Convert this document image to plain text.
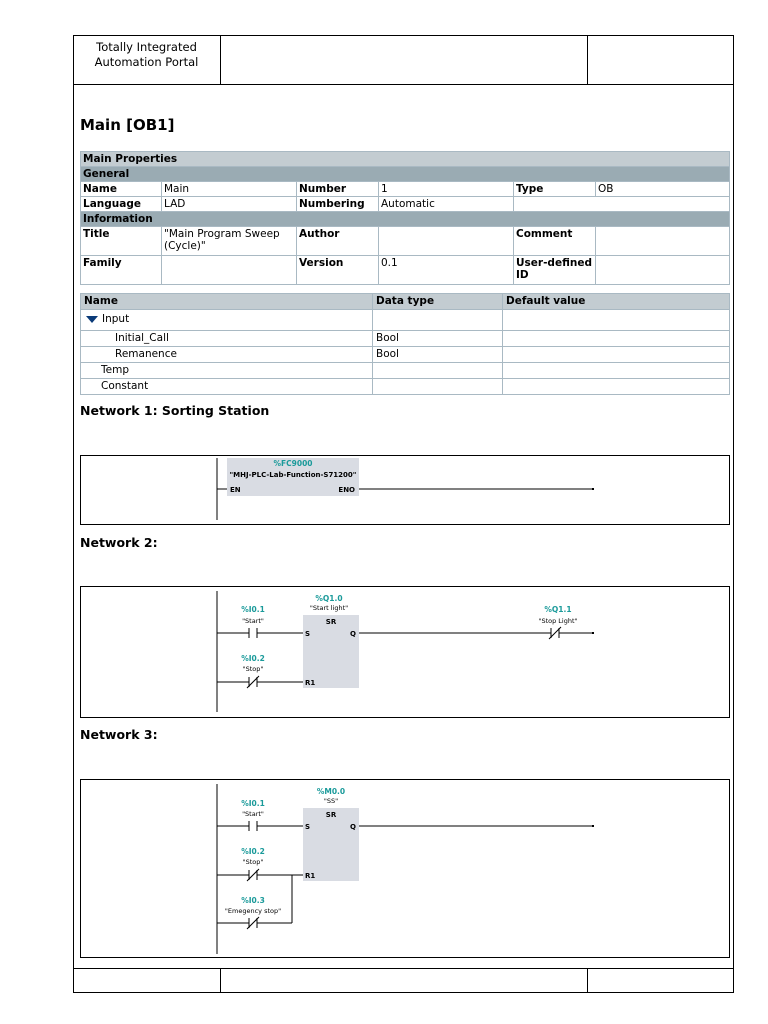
Totally Integrated
Automation Portal
Main [OB1]
Main Properties					
General					
Name	Main	Number	1	Type	OB
Language	LAD	Numbering	Automatic		
Information					
Title	"Main Program Sweep (Cycle)"	Author		Comment	
Family		Version	0.1	User-defined ID	
Name	Data type	Default value
Input		
Initial_Call	Bool	
Remanence	Bool	
Temp		
Constant		
Network 1: Sorting Station
%FC9000
"MHJ-PLC-Lab-Function-S71200"
EN	ENO
Network 2:
%Q1.0
"Start light"
SR
S	Q
R1
%I0.1
"Start"
%I0.2
"Stop"
%Q1.1
"Stop Light"
Network 3:
%M0.0
"SS"
SR
S	Q
R1
%I0.1
"Start"
%I0.2
"Stop"
%I0.3
"Emegency stop"
